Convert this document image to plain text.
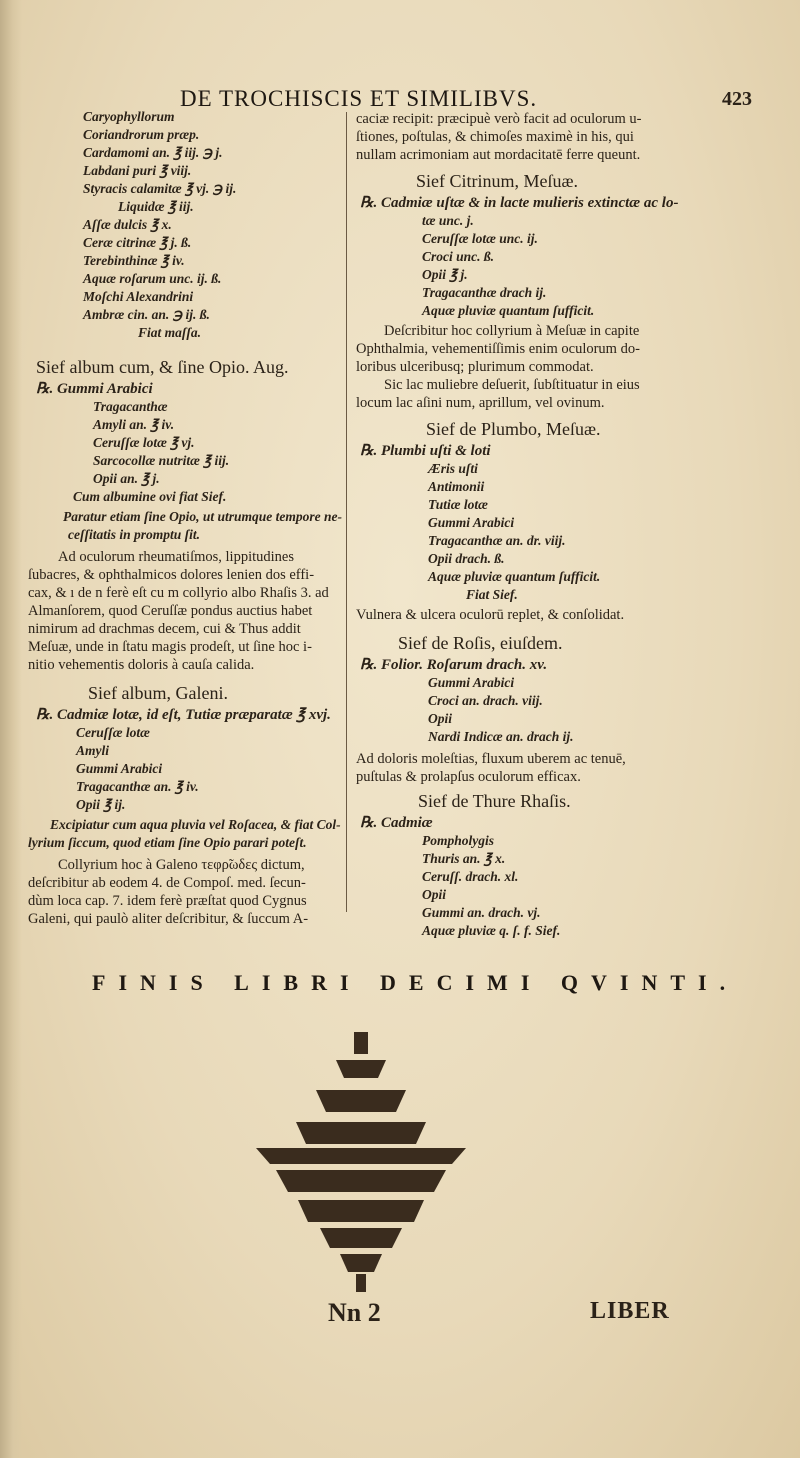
DE TROCHISCIS ET SIMILIBVS.	423
Caryophyllorum
Coriandrorum præp.
Cardamomi an. ℥ iij. ℈ j.
Labdani puri ℥ viij.
Styracis calamitæ ℥ vj. ℈ ij.
Liquidæ ℥ iij.
Aſſæ dulcis ℥ x.
Ceræ citrinæ ℥ j. ß.
Terebinthinæ ℥ iv.
Aquæ roſarum unc. ij. ß.
Moſchi Alexandrini
Ambræ cin. an. ℈ ij. ß.
Fiat maſſa.
Sief album cum, & ſine Opio. Aug.
℞. Gummi Arabici
Tragacanthæ
Amyli an. ℥ iv.
Ceruſſæ lotæ ℥ vj.
Sarcocollæ nutritæ ℥ iij.
Opii an. ℥ j.
Cum albumine ovi fiat Sief.
Paratur etiam ſine Opio, ut utrumque tempore ne-
ceſſitatis in promptu ſit.
Ad oculorum rheumatiſmos, lippitudines
ſubacres, & ophthalmicos dolores lenien dos effi-
cax, & ı de n ferè eſt cu m collyrio albo Rhaſis 3. ad
Almanſorem, quod Ceruſſæ pondus auctius habet
nimirum ad drachmas decem, cui & Thus addit
Meſuæ, unde in ſtatu magis prodeſt, ut ſine hoc i-
nitio vehementis doloris à cauſa calida.
Sief album, Galeni.
℞. Cadmiæ lotæ, id eſt, Tutiæ præparatæ ℥ xvj.
Ceruſſæ lotæ
Amyli
Gummi Arabici
Tragacanthæ an. ℥ iv.
Opii ℥ ij.
Excipiatur cum aqua pluvia vel Roſacea, & fiat Col-
lyrium ſiccum, quod etiam ſine Opio parari poteſt.
Collyrium hoc à Galeno τεφρ̃ωδες dictum,
deſcribitur ab eodem 4. de Compoſ. med. ſecun-
dùm loca cap. 7. idem ferè præſtat quod Cygnus
Galeni, qui paulò aliter deſcribitur, & ſuccum A-
caciæ recipit: præcipuè verò facit ad oculorum u-
ſtiones, poſtulas, & chimoſes maximè in his, qui
nullam acrimoniam aut mordacitatē ferre queunt.
Sief Citrinum, Meſuæ.
℞. Cadmiæ uſtæ & in lacte mulieris extinctæ ac lo-
tæ unc. j.
Ceruſſæ lotæ unc. ij.
Croci unc. ß.
Opii ℥ j.
Tragacanthæ drach ij.
Aquæ pluviæ quantum ſufficit.
Deſcribitur hoc collyrium à Meſuæ in capite
Ophthalmia, vehementiſſimis enim oculorum do-
loribus ulceribusq; plurimum commodat.
Sic lac muliebre deſuerit, ſubſtituatur in eius
locum lac aſini num, aprillum, vel ovinum.
Sief de Plumbo, Meſuæ.
℞. Plumbi uſti & loti
Æris uſti
Antimonii
Tutiæ lotæ
Gummi Arabici
Tragacanthæ an. dr. viij.
Opii drach. ß.
Aquæ pluviæ quantum ſufficit.
Fiat Sief.
Vulnera & ulcera oculorū replet, & conſolidat.
Sief de Roſis, eiuſdem.
℞. Folior. Roſarum drach. xv.
Gummi Arabici
Croci an. drach. viij.
Opii
Nardi Indicæ an. drach ij.
Ad doloris moleſtias, fluxum uberem ac tenuē,
puſtulas & prolapſus oculorum efficax.
Sief de Thure Rhaſis.
℞. Cadmiæ
Pompholygis
Thuris an. ℥ x.
Ceruſſ. drach. xl.
Opii
Gummi an. drach. vj.
Aquæ pluviæ q. ſ. f. Sief.
FINIS LIBRI DECIMI QVINTI.
Nn 2	LIBER
